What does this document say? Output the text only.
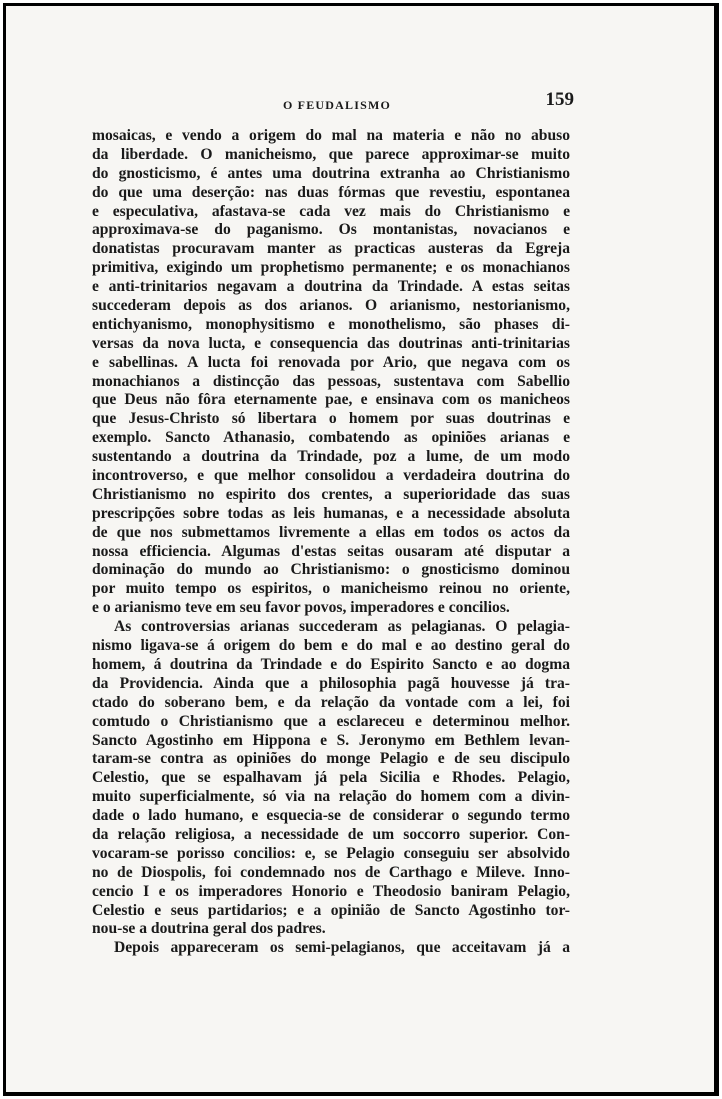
O FEUDALISMO	159
mosaicas, e vendo a origem do mal na materia e não no abuso
da liberdade. O manicheismo, que parece approximar-se muito
do gnosticismo, é antes uma doutrina extranha ao Christianismo
do que uma deserção: nas duas fórmas que revestiu, espontanea
e especulativa, afastava-se cada vez mais do Christianismo e
approximava-se do paganismo. Os montanistas, novacianos e
donatistas procuravam manter as practicas austeras da Egreja
primitiva, exigindo um prophetismo permanente; e os monachianos
e anti-trinitarios negavam a doutrina da Trindade. A estas seitas
succederam depois as dos arianos. O arianismo, nestorianismo,
entichyanismo, monophysitismo e monothelismo, são phases di-
versas da nova lucta, e consequencia das doutrinas anti-trinitarias
e sabellinas. A lucta foi renovada por Ario, que negava com os
monachianos a distincção das pessoas, sustentava com Sabellio
que Deus não fôra eternamente pae, e ensinava com os manicheos
que Jesus-Christo só libertara o homem por suas doutrinas e
exemplo. Sancto Athanasio, combatendo as opiniões arianas e
sustentando a doutrina da Trindade, poz a lume, de um modo
incontroverso, e que melhor consolidou a verdadeira doutrina do
Christianismo no espirito dos crentes, a superioridade das suas
prescripções sobre todas as leis humanas, e a necessidade absoluta
de que nos submettamos livremente a ellas em todos os actos da
nossa efficiencia. Algumas d'estas seitas ousaram até disputar a
dominação do mundo ao Christianismo: o gnosticismo dominou
por muito tempo os espiritos, o manicheismo reinou no oriente,
e o arianismo teve em seu favor povos, imperadores e concilios.
As controversias arianas succederam as pelagianas. O pelagia-
nismo ligava-se á origem do bem e do mal e ao destino geral do
homem, á doutrina da Trindade e do Espirito Sancto e ao dogma
da Providencia. Ainda que a philosophia pagã houvesse já tra-
ctado do soberano bem, e da relação da vontade com a lei, foi
comtudo o Christianismo que a esclareceu e determinou melhor.
Sancto Agostinho em Hippona e S. Jeronymo em Bethlem levan-
taram-se contra as opiniões do monge Pelagio e de seu discipulo
Celestio, que se espalhavam já pela Sicilia e Rhodes. Pelagio,
muito superficialmente, só via na relação do homem com a divin-
dade o lado humano, e esquecia-se de considerar o segundo termo
da relação religiosa, a necessidade de um soccorro superior. Con-
vocaram-se porisso concilios: e, se Pelagio conseguiu ser absolvido
no de Diospolis, foi condemnado nos de Carthago e Mileve. Inno-
cencio I e os imperadores Honorio e Theodosio baniram Pelagio,
Celestio e seus partidarios; e a opinião de Sancto Agostinho tor-
nou-se a doutrina geral dos padres.
Depois appareceram os semi-pelagianos, que acceitavam já a
